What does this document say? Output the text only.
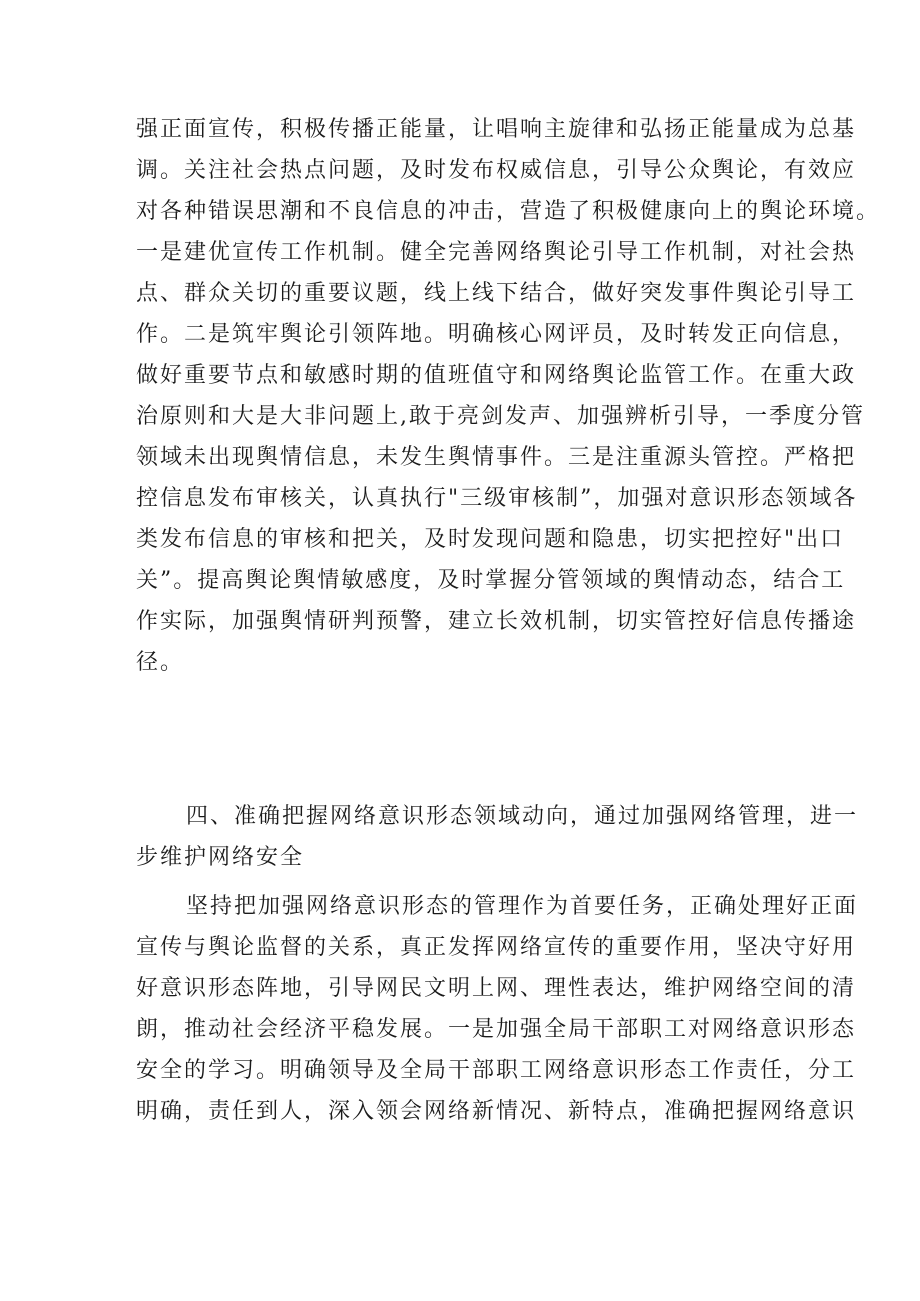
强正面宣传，积极传播正能量，让唱响主旋律和弘扬正能量成为总基
调。关注社会热点问题，及时发布权威信息，引导公众舆论，有效应
对各种错误思潮和不良信息的冲击，营造了积极健康向上的舆论环境。
一是建优宣传工作机制。健全完善网络舆论引导工作机制，对社会热
点、群众关切的重要议题，线上线下结合，做好突发事件舆论引导工
作。二是筑牢舆论引领阵地。明确核心网评员，及时转发正向信息，
做好重要节点和敏感时期的值班值守和网络舆论监管工作。在重大政
治原则和大是大非问题上,敢于亮剑发声、加强辨析引导，一季度分管
领域未出现舆情信息，未发生舆情事件。三是注重源头管控。严格把
控信息发布审核关，认真执行"三级审核制”，加强对意识形态领域各
类发布信息的审核和把关，及时发现问题和隐患，切实把控好"出口
关”。提高舆论舆情敏感度，及时掌握分管领域的舆情动态，结合工
作实际，加强舆情研判预警，建立长效机制，切实管控好信息传播途
径。
四、准确把握网络意识形态领域动向，通过加强网络管理，进一
步维护网络安全
坚持把加强网络意识形态的管理作为首要任务，正确处理好正面
宣传与舆论监督的关系，真正发挥网络宣传的重要作用，坚决守好用
好意识形态阵地，引导网民文明上网、理性表达，维护网络空间的清
朗，推动社会经济平稳发展。一是加强全局干部职工对网络意识形态
安全的学习。明确领导及全局干部职工网络意识形态工作责任，分工
明确，责任到人，深入领会网络新情况、新特点，准确把握网络意识
